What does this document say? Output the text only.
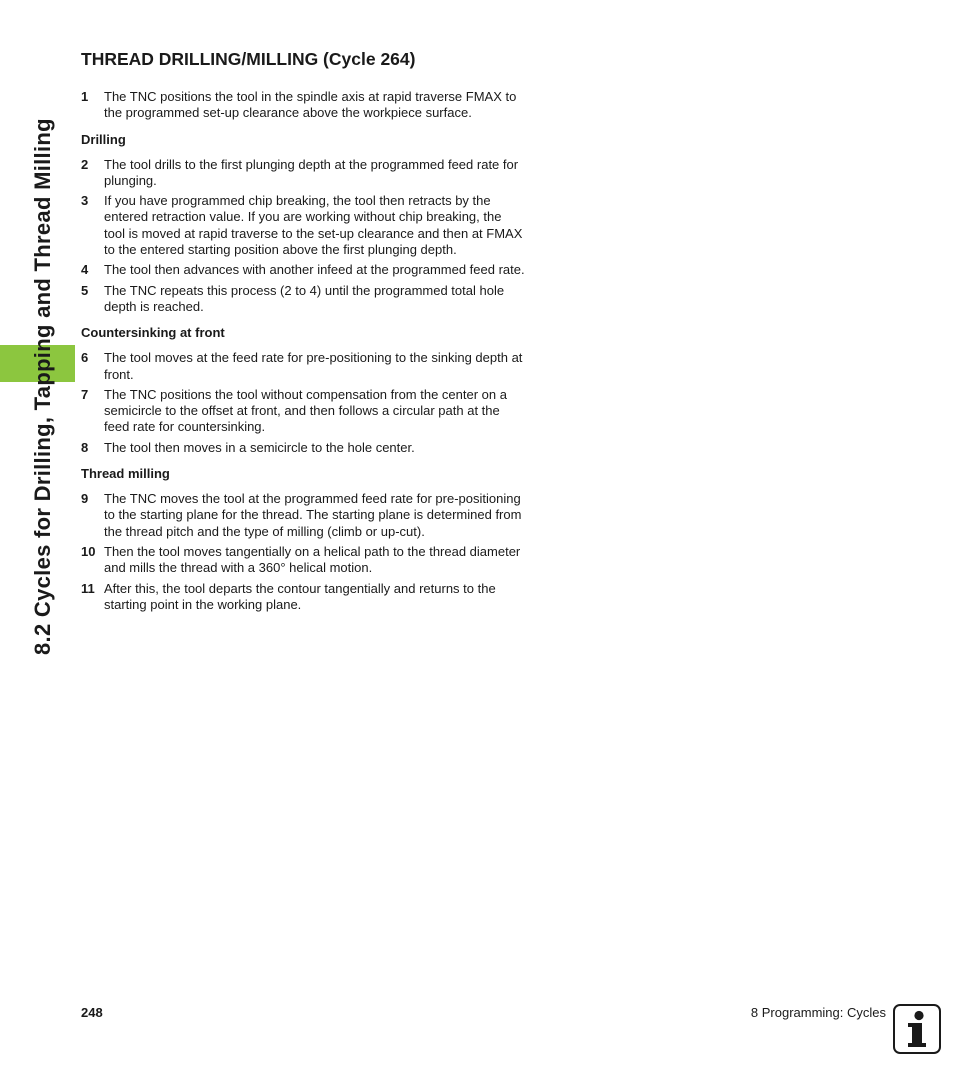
8.2 Cycles for Drilling, Tapping and Thread Milling
THREAD DRILLING/MILLING (Cycle 264)
1	The TNC positions the tool in the spindle axis at rapid traverse FMAX to the programmed set-up clearance above the workpiece surface.
Drilling
2	The tool drills to the first plunging depth at the programmed feed rate for plunging.
3	If you have programmed chip breaking, the tool then retracts by the entered retraction value. If you are working without chip breaking, the tool is moved at rapid traverse to the set-up clearance and then at FMAX to the entered starting position above the first plunging depth.
4	The tool then advances with another infeed at the programmed feed rate.
5	The TNC repeats this process (2 to 4) until the programmed total hole depth is reached.
Countersinking at front
6	The tool moves at the feed rate for pre-positioning to the sinking depth at front.
7	The TNC positions the tool without compensation from the center on a semicircle to the offset at front, and then follows a circular path at the feed rate for countersinking.
8	The tool then moves in a semicircle to the hole center.
Thread milling
9	The TNC moves the tool at the programmed feed rate for pre-positioning to the starting plane for the thread. The starting plane is determined from the thread pitch and the type of milling (climb or up-cut).
10 Then the tool moves tangentially on a helical path to the thread diameter and mills the thread with a 360° helical motion.
11 After this, the tool departs the contour tangentially and returns to the starting point in the working plane.
248	8 Programming: Cycles
